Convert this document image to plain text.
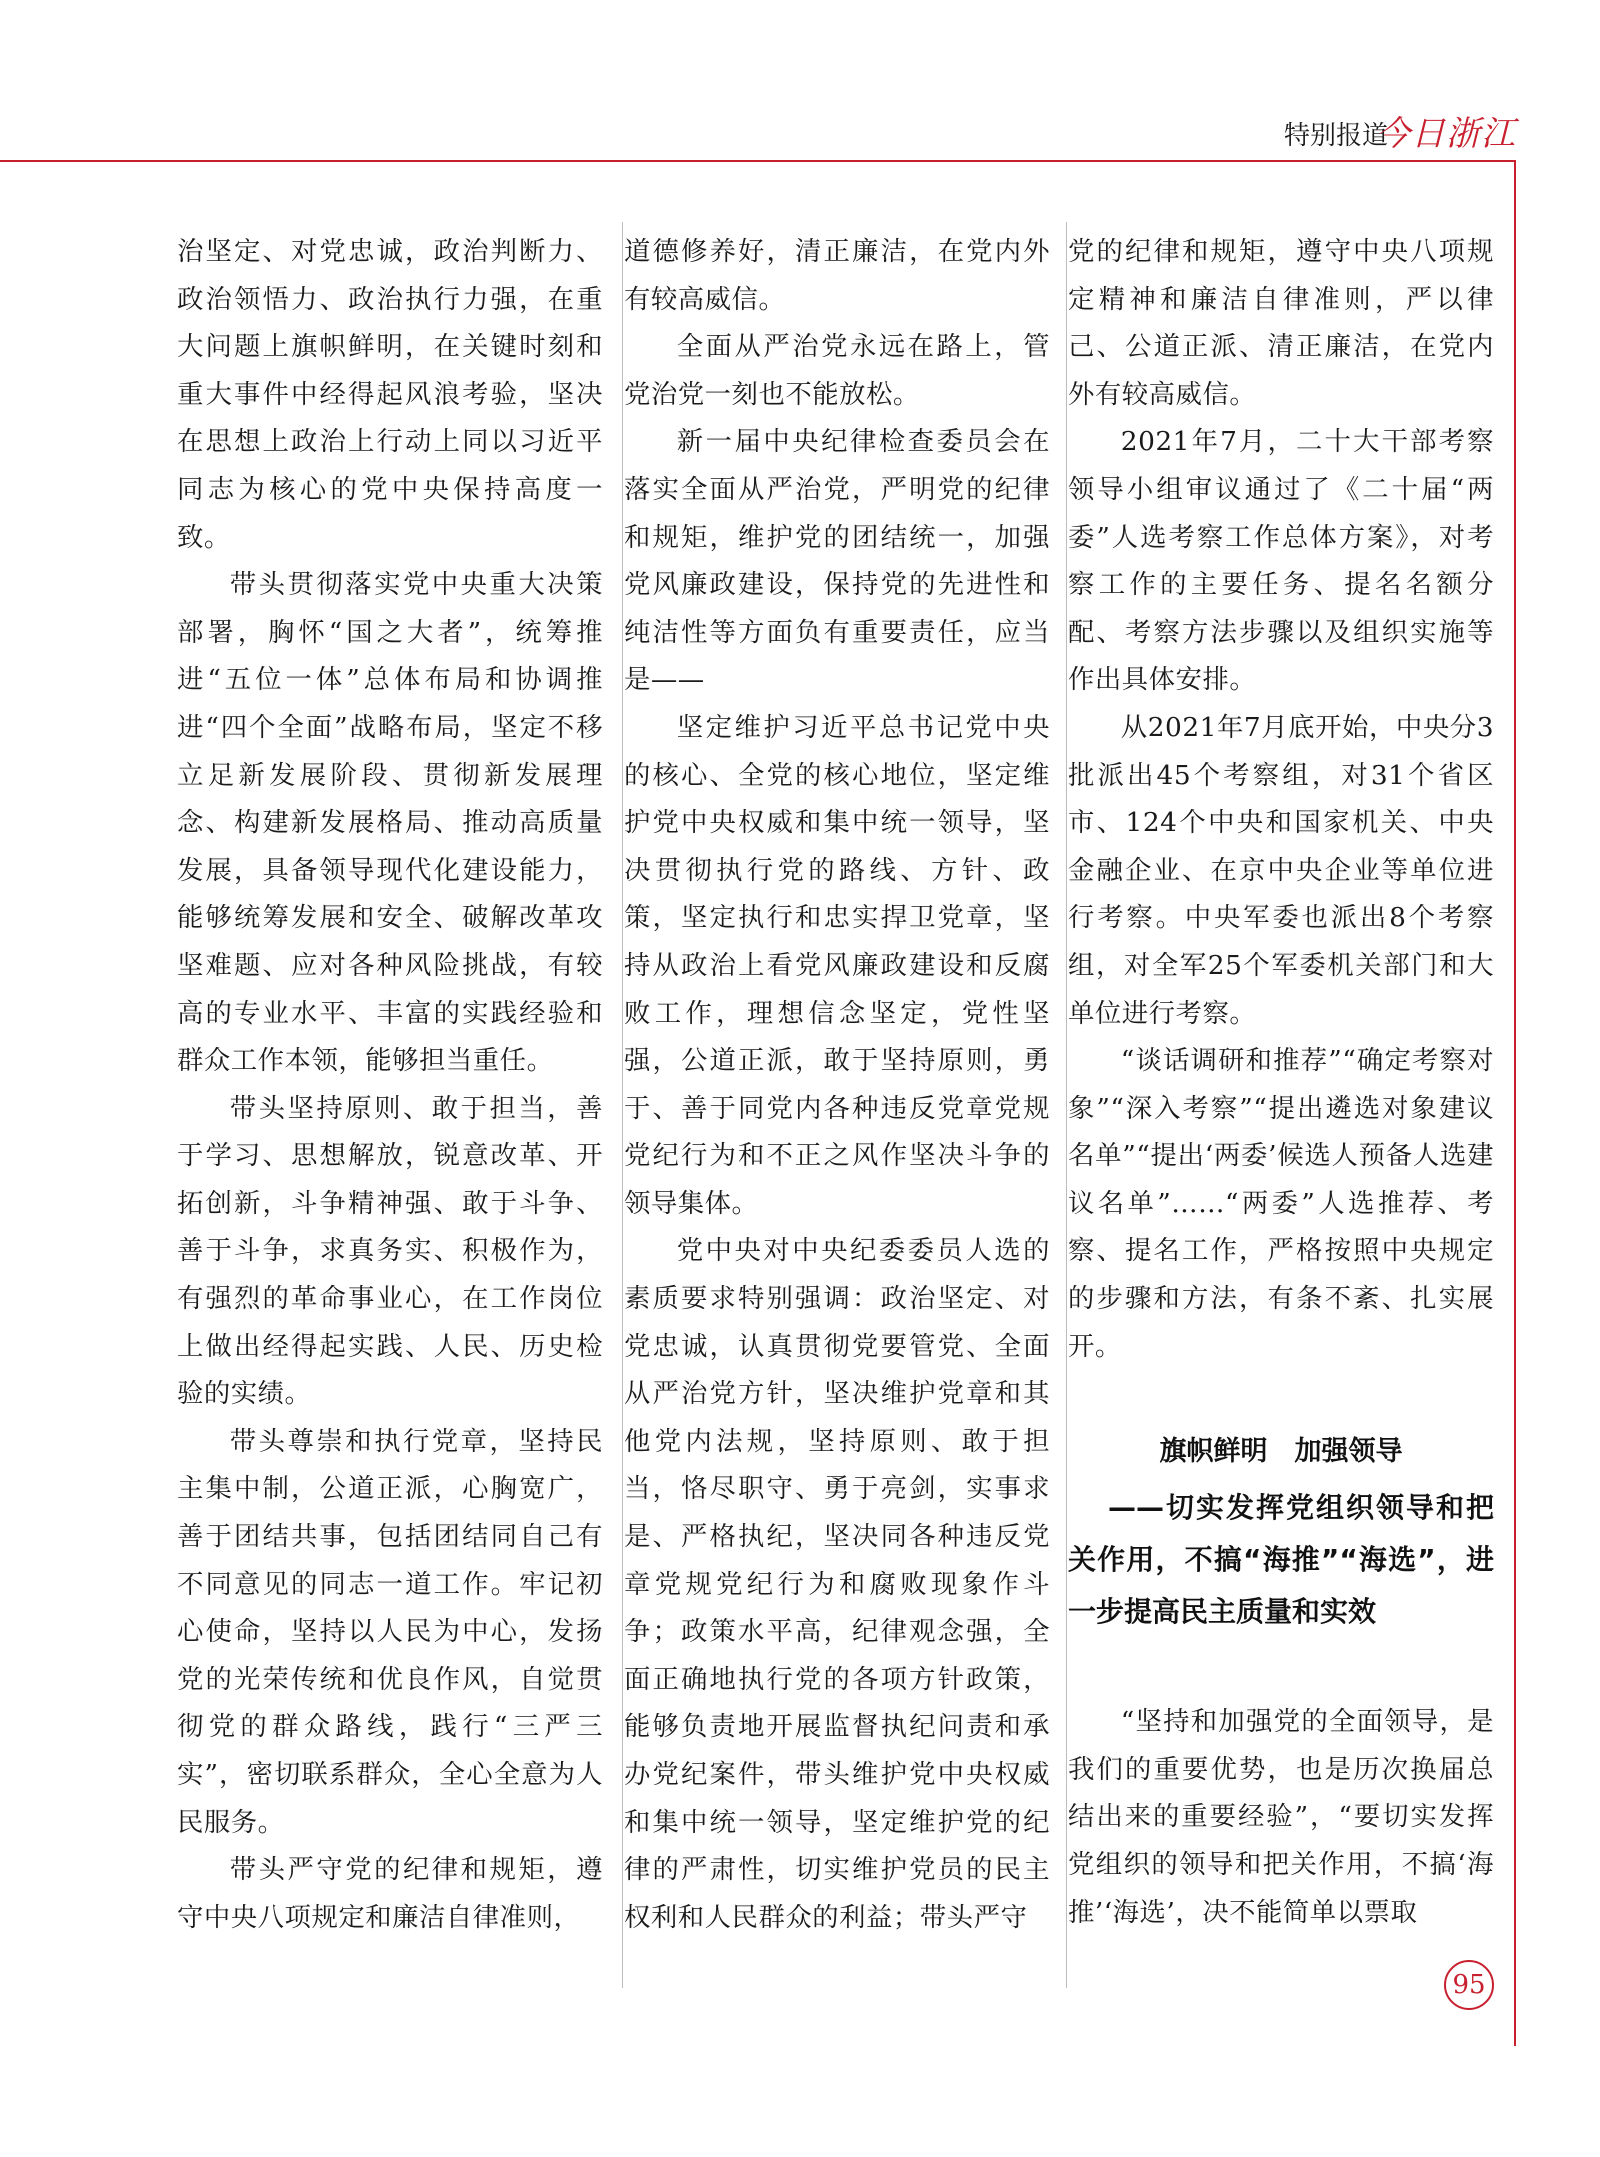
特别报道
今日浙江

治坚定、对党忠诚，政治判断力、政治领悟力、政治执行力强，在重大问题上旗帜鲜明，在关键时刻和重大事件中经得起风浪考验，坚决在思想上政治上行动上同以习近平同志为核心的党中央保持高度一致。

带头贯彻落实党中央重大决策部署，胸怀“国之大者”，统筹推进“五位一体”总体布局和协调推进“四个全面”战略布局，坚定不移立足新发展阶段、贯彻新发展理念、构建新发展格局、推动高质量发展，具备领导现代化建设能力，能够统筹发展和安全、破解改革攻坚难题、应对各种风险挑战，有较高的专业水平、丰富的实践经验和群众工作本领，能够担当重任。

带头坚持原则、敢于担当，善于学习、思想解放，锐意改革、开拓创新，斗争精神强、敢于斗争、善于斗争，求真务实、积极作为，有强烈的革命事业心，在工作岗位上做出经得起实践、人民、历史检验的实绩。

带头尊崇和执行党章，坚持民主集中制，公道正派，心胸宽广，善于团结共事，包括团结同自己有不同意见的同志一道工作。牢记初心使命，坚持以人民为中心，发扬党的光荣传统和优良作风，自觉贯彻党的群众路线，践行“三严三实”，密切联系群众，全心全意为人民服务。

带头严守党的纪律和规矩，遵守中央八项规定和廉洁自律准则，

道德修养好，清正廉洁，在党内外有较高威信。

全面从严治党永远在路上，管党治党一刻也不能放松。

新一届中央纪律检查委员会在落实全面从严治党，严明党的纪律和规矩，维护党的团结统一，加强党风廉政建设，保持党的先进性和纯洁性等方面负有重要责任，应当是——

坚定维护习近平总书记党中央的核心、全党的核心地位，坚定维护党中央权威和集中统一领导，坚决贯彻执行党的路线、方针、政策，坚定执行和忠实捍卫党章，坚持从政治上看党风廉政建设和反腐败工作，理想信念坚定，党性坚强，公道正派，敢于坚持原则，勇于、善于同党内各种违反党章党规党纪行为和不正之风作坚决斗争的领导集体。

党中央对中央纪委委员人选的素质要求特别强调：政治坚定、对党忠诚，认真贯彻党要管党、全面从严治党方针，坚决维护党章和其他党内法规，坚持原则、敢于担当，恪尽职守、勇于亮剑，实事求是、严格执纪，坚决同各种违反党章党规党纪行为和腐败现象作斗争；政策水平高，纪律观念强，全面正确地执行党的各项方针政策，能够负责地开展监督执纪问责和承办党纪案件，带头维护党中央权威和集中统一领导，坚定维护党的纪律的严肃性，切实维护党员的民主权利和人民群众的利益；带头严守

党的纪律和规矩，遵守中央八项规定精神和廉洁自律准则，严以律己、公道正派、清正廉洁，在党内外有较高威信。

2021年7月，二十大干部考察领导小组审议通过了《二十届“两委”人选考察工作总体方案》，对考察工作的主要任务、提名名额分配、考察方法步骤以及组织实施等作出具体安排。

从2021年7月底开始，中央分3批派出45个考察组，对31个省区市、124个中央和国家机关、中央金融企业、在京中央企业等单位进行考察。中央军委也派出8个考察组，对全军25个军委机关部门和大单位进行考察。

“谈话调研和推荐”“确定考察对象”“深入考察”“提出遴选对象建议名单”“提出‘两委’候选人预备人选建议名单”……“两委”人选推荐、考察、提名工作，严格按照中央规定的步骤和方法，有条不紊、扎实展开。

旗帜鲜明　加强领导

——切实发挥党组织领导和把关作用，不搞“海推”“海选”，进一步提高民主质量和实效

“坚持和加强党的全面领导，是我们的重要优势，也是历次换届总结出来的重要经验”，“要切实发挥党组织的领导和把关作用，不搞‘海推’‘海选’，决不能简单以票取

95
